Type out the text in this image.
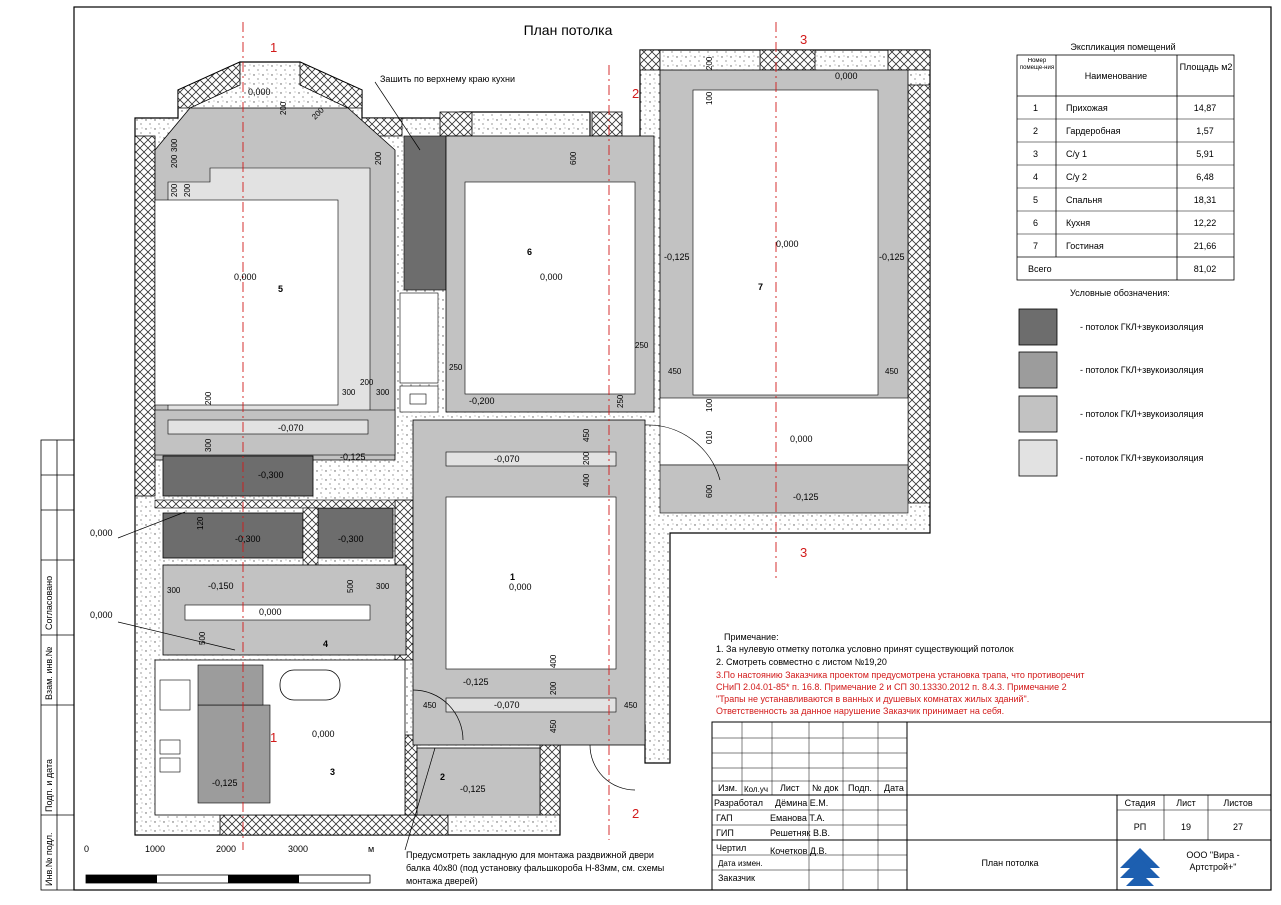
Согласовано
Взам. инв.№
Подп. и дата
Инв.№ подл.
План потолка
1
2
3
3
2
1
5
0,000
6
0,000
7
0,000
1
0,000
4
0,000
3
0,000
2
-0,125
0,000
0,000
-0,070
-0,125
-0,300
-0,300	-0,300
-0,150
-0,125
0,000
0,000
-0,125	-0,125
-0,200
-0,070
-0,125
-0,070
-0,125
0,000
200
200	200
200
300
200 200
200	300
200
300
300
120
300	500	300
500
600
250
250
250
200
100
450	450
100
010
600
450
200
400
400
200
450
450	450
Зашить по верхнему краю кухни
Предусмотреть закладную для монтажа раздвижной двери
балка 40х80 (под установку фальшкороба Н-83мм, см. схемы
монтажа дверей)
0	1000	2000	3000	м
Экспликация помещений
Номер помеще-ния
Наименование
Площадь м2
1	Прихожая	14,87
2	Гардеробная	1,57
3	С/у 1	5,91
4	С/у 2	6,48
5	Спальня	18,31
6	Кухня	12,22
7	Гостиная	21,66
Всего	81,02
Условные обозначения:
- потолок ГКЛ+звукоизоляция
- потолок ГКЛ+звукоизоляция
- потолок ГКЛ+звукоизоляция
- потолок ГКЛ+звукоизоляция
Примечание:
1. За нулевую отметку потолка условно принят существующий потолок
2. Смотреть совместно с листом №19,20
3.По настоянию Заказчика проектом предусмотрена установка трапа, что противоречит
СНиП 2.04.01-85* п. 16.8. Примечание 2 и СП 30.13330.2012 п. 8.4.3. Примечание 2
"Трапы не устанавливаются в ванных и душевых комнатах жилых зданий".
Ответственность за данное нарушение Заказчик принимает на себя.
Изм. Кол.уч Лист № док Подп. Дата
Разработал Дёмина Е.М.
ГАП	Еманова Т.А.
ГИП	Решетняк В.В.
Чертил	Кочетков Д.В.
Дата измен.
Заказчик
План потолка
Стадия Лист	Листов
РП	19	27
ООО "Вира -
Артстрой+"
